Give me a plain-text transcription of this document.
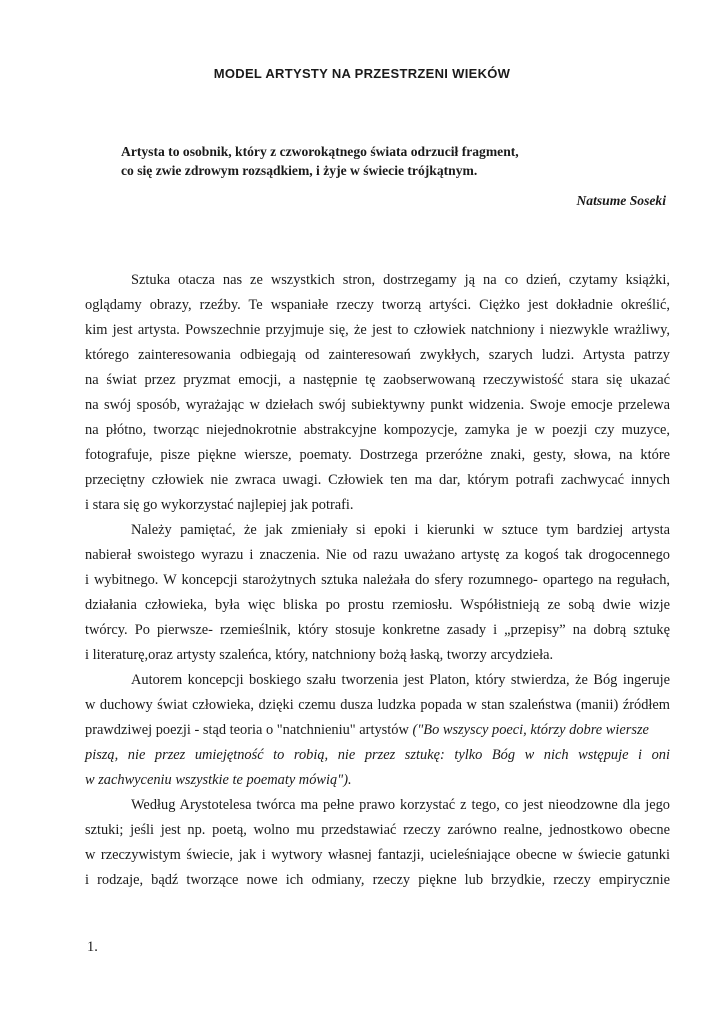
MODEL ARTYSTY NA PRZESTRZENI WIEKÓW
Artysta to osobnik, który z czworokątnego świata odrzucił fragment,
co się zwie zdrowym rozsądkiem, i żyje w świecie trójkątnym.
Natsume Soseki
Sztuka otacza nas ze wszystkich stron, dostrzegamy ją na co dzień, czytamy książki,
oglądamy obrazy, rzeźby. Te wspaniałe rzeczy tworzą artyści. Ciężko jest dokładnie określić,
kim jest artysta. Powszechnie przyjmuje się, że jest to człowiek natchniony i niezwykle wrażliwy,
którego zainteresowania odbiegają od zainteresowań zwykłych, szarych ludzi. Artysta patrzy
na świat przez pryzmat emocji, a następnie tę zaobserwowaną rzeczywistość stara się ukazać
na swój sposób, wyrażając w dziełach swój subiektywny punkt widzenia. Swoje emocje przelewa
na płótno, tworząc niejednokrotnie abstrakcyjne kompozycje, zamyka je w poezji czy muzyce,
fotografuje, pisze piękne wiersze, poematy. Dostrzega przeróżne znaki, gesty, słowa, na które
przeciętny człowiek nie zwraca uwagi. Człowiek ten ma dar, którym potrafi zachwycać innych
i stara się go wykorzystać najlepiej jak potrafi.
Należy pamiętać, że jak zmieniały si epoki i kierunki w sztuce tym bardziej artysta
nabierał swoistego wyrazu i znaczenia. Nie od razu uważano artystę za kogoś tak drogocennego
i wybitnego. W koncepcji starożytnych sztuka należała do sfery rozumnego- opartego na regułach,
działania człowieka, była więc bliska po prostu rzemiosłu. Współistnieją ze sobą dwie wizje
twórcy. Po pierwsze- rzemieślnik, który stosuje konkretne zasady i „przepisy” na dobrą sztukę
i literaturę,oraz artysty szaleńca, który, natchniony bożą łaską, tworzy arcydzieła.
Autorem koncepcji boskiego szału tworzenia jest Platon, który stwierdza, że Bóg ingeruje
w duchowy świat człowieka, dzięki czemu dusza ludzka popada w stan szaleństwa (manii) źródłem
prawdziwej poezji - stąd teoria o "natchnieniu" artystów ("Bo wszyscy poeci, którzy dobre wiersze
piszą, nie przez umiejętność to robią, nie przez sztukę: tylko Bóg w nich wstępuje i oni
w zachwyceniu wszystkie te poematy mówią").
Według Arystotelesa twórca ma pełne prawo korzystać z tego, co jest nieodzowne dla jego
sztuki; jeśli jest np. poetą, wolno mu przedstawiać rzeczy zarówno realne, jednostkowo obecne
w rzeczywistym świecie, jak i wytwory własnej fantazji, ucieleśniające obecne w świecie gatunki
i rodzaje, bądź tworzące nowe ich odmiany, rzeczy piękne lub brzydkie, rzeczy empirycznie
1.
